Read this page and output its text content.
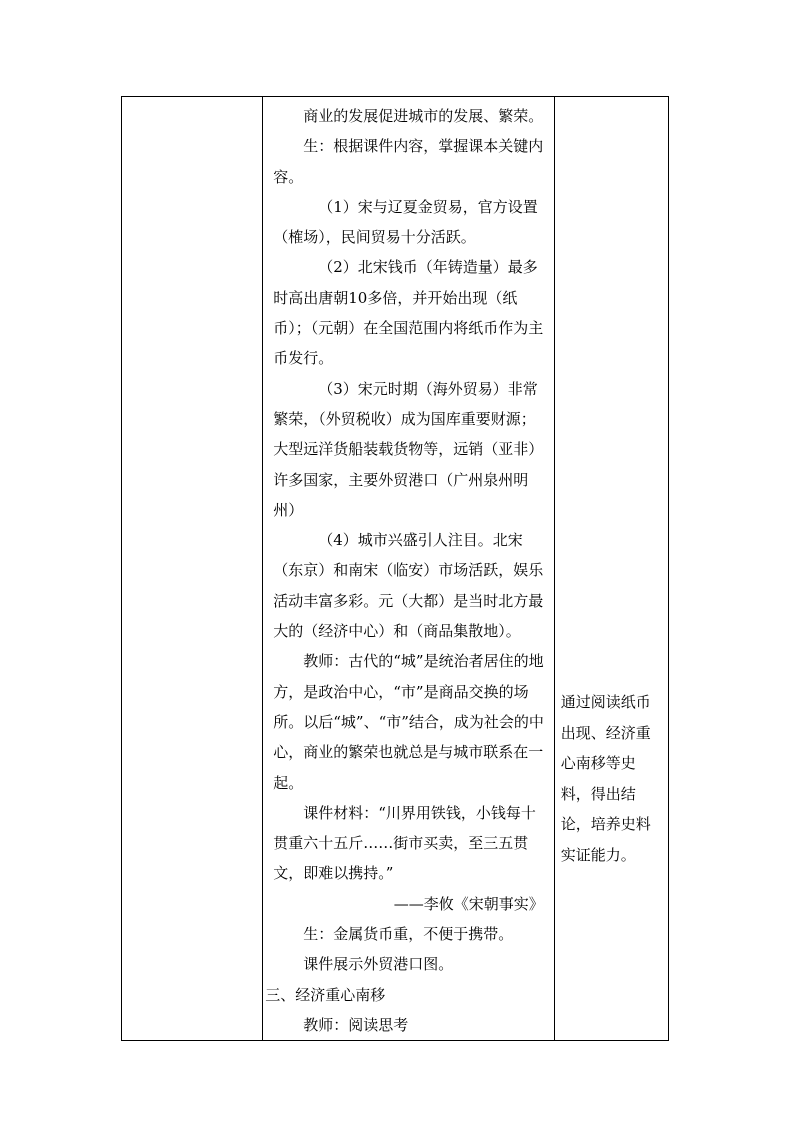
商业的发展促进城市的发展、繁荣。

生：根据课件内容，掌握课本关键内容。

（1）宋与辽夏金贸易，官方设置（榷场），民间贸易十分活跃。

（2）北宋钱币（年铸造量）最多时高出唐朝10多倍，并开始出现（纸币）；（元朝）在全国范围内将纸币作为主币发行。

（3）宋元时期（海外贸易）非常繁荣，（外贸税收）成为国库重要财源；大型远洋货船装载货物等，远销（亚非）许多国家，主要外贸港口（广州泉州明州）

（4）城市兴盛引人注目。北宋（东京）和南宋（临安）市场活跃，娱乐活动丰富多彩。元（大都）是当时北方最大的（经济中心）和（商品集散地）。

教师：古代的“城”是统治者居住的地方，是政治中心，“市”是商品交换的场所。以后“城”、“市”结合，成为社会的中心，商业的繁荣也就总是与城市联系在一起。

课件材料：“川界用铁钱，小钱每十贯重六十五斤……街市买卖，至三五贯文，即难以携持。”

——李攸《宋朝事实》

生：金属货币重，不便于携带。

课件展示外贸港口图。

三、经济重心南移

教师：阅读思考

通过阅读纸币出现、经济重心南移等史料，得出结论，培养史料实证能力。
